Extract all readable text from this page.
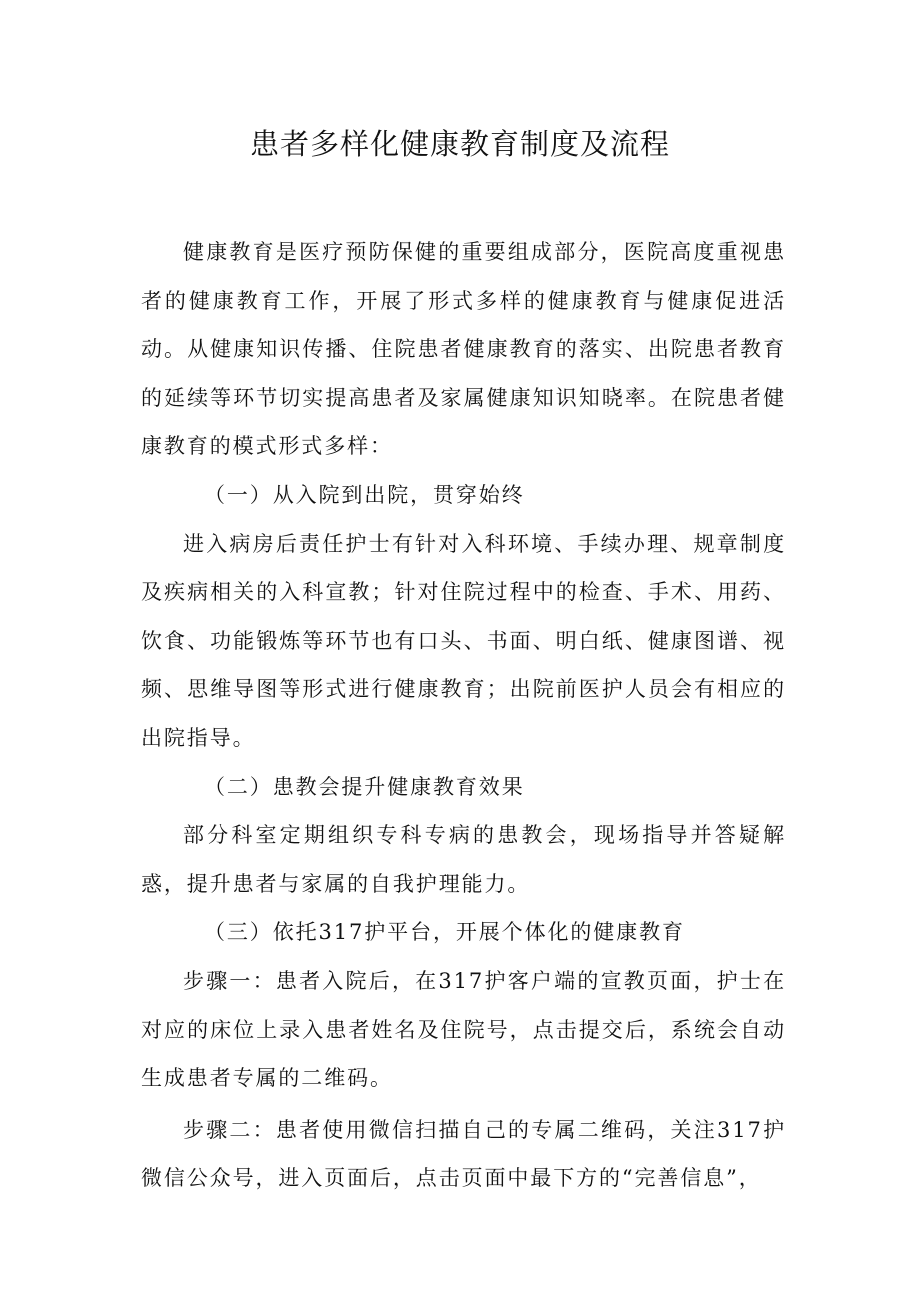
患者多样化健康教育制度及流程

健康教育是医疗预防保健的重要组成部分，医院高度重视患者的健康教育工作，开展了形式多样的健康教育与健康促进活动。从健康知识传播、住院患者健康教育的落实、出院患者教育的延续等环节切实提高患者及家属健康知识知晓率。在院患者健康教育的模式形式多样：

（一）从入院到出院，贯穿始终

进入病房后责任护士有针对入科环境、手续办理、规章制度及疾病相关的入科宣教；针对住院过程中的检查、手术、用药、饮食、功能锻炼等环节也有口头、书面、明白纸、健康图谱、视频、思维导图等形式进行健康教育；出院前医护人员会有相应的出院指导。

（二）患教会提升健康教育效果

部分科室定期组织专科专病的患教会，现场指导并答疑解惑，提升患者与家属的自我护理能力。

（三）依托317护平台，开展个体化的健康教育

步骤一：患者入院后，在317护客户端的宣教页面，护士在对应的床位上录入患者姓名及住院号，点击提交后，系统会自动生成患者专属的二维码。

步骤二：患者使用微信扫描自己的专属二维码，关注317护微信公众号，进入页面后，点击页面中最下方的“完善信息”，
